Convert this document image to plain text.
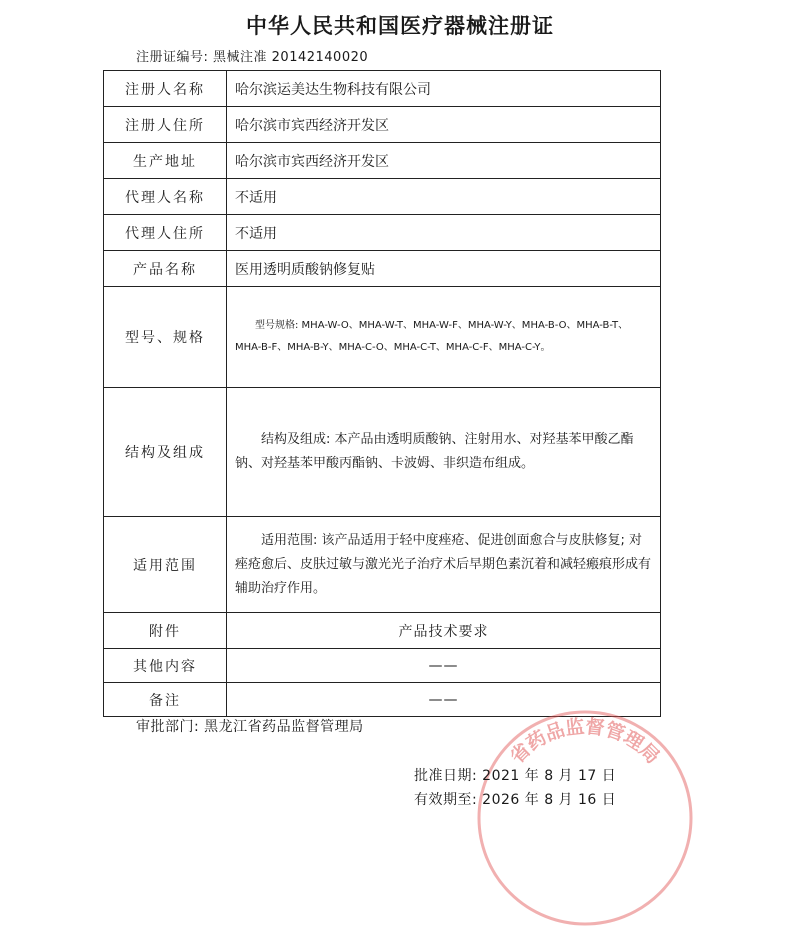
中华人民共和国医疗器械注册证
注册证编号: 黑械注准 20142140020
注册人名称	哈尔滨运美达生物科技有限公司
注册人住所	哈尔滨市宾西经济开发区
生产地址	哈尔滨市宾西经济开发区
代理人名称	不适用
代理人住所	不适用
产品名称	医用透明质酸钠修复贴
型号、规格	型号规格: MHA-W-O、MHA-W-T、MHA-W-F、MHA-W-Y、MHA-B-O、MHA-B-T、MHA-B-F、MHA-B-Y、MHA-C-O、MHA-C-T、MHA-C-F、MHA-C-Y。

结构及组成	结构及组成: 本产品由透明质酸钠、注射用水、对羟基苯甲酸乙酯钠、对羟基苯甲酸丙酯钠、卡波姆、非织造布组成。

适用范围	适用范围: 该产品适用于轻中度痤疮、促进创面愈合与皮肤修复; 对痤疮愈后、皮肤过敏与激光光子治疗术后早期色素沉着和减轻瘢痕形成有辅助治疗作用。

附件	产品技术要求
其他内容	——
备注	——
审批部门: 黑龙江省药品监督管理局
省药品监督管理局
批准日期: 2021 年 8 月 17 日
有效期至: 2026 年 8 月 16 日
